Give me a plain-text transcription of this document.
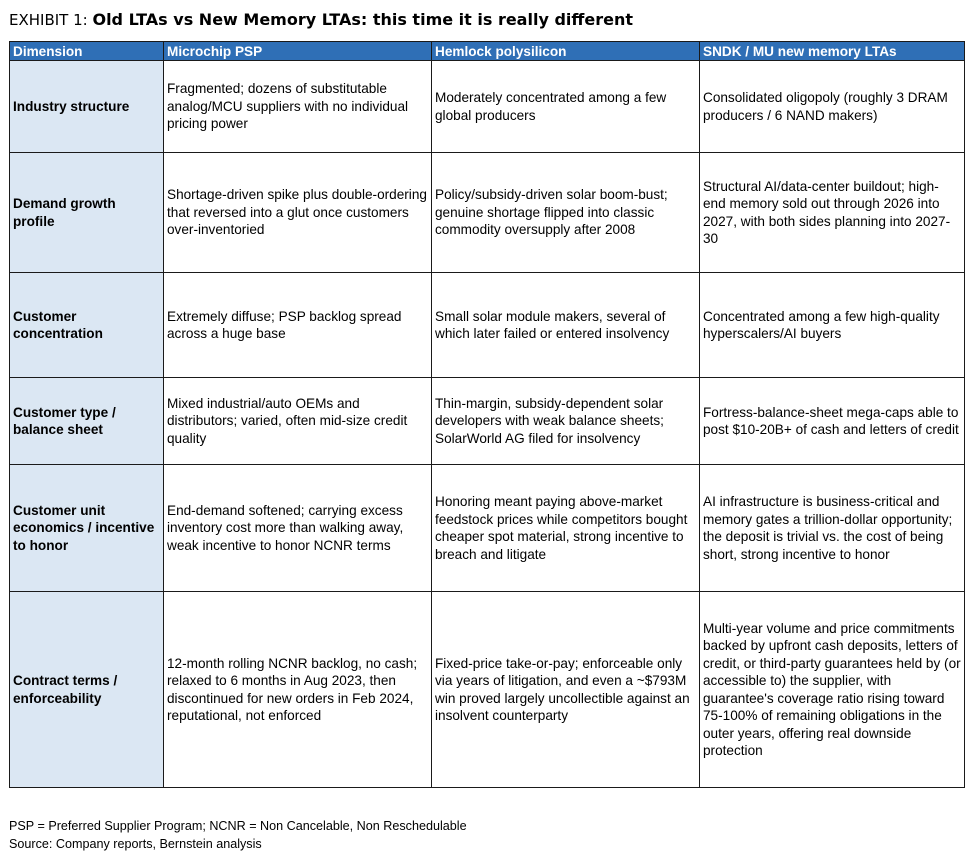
EXHIBIT 1: Old LTAs vs New Memory LTAs: this time it is really different
Dimension	Microchip PSP	Hemlock polysilicon	SNDK / MU new memory LTAs
Industry structure	Fragmented; dozens of substitutable analog/MCU suppliers with no individual pricing power	Moderately concentrated among a few global producers	Consolidated oligopoly (roughly 3 DRAM producers / 6 NAND makers)
Demand growth profile	Shortage-driven spike plus double-ordering that reversed into a glut once customers over-inventoried	Policy/subsidy-driven solar boom-bust; genuine shortage flipped into classic commodity oversupply after 2008	Structural AI/data-center buildout; high-end memory sold out through 2026 into 2027, with both sides planning into 2027-30
Customer concentration	Extremely diffuse; PSP backlog spread across a huge base	Small solar module makers, several of which later failed or entered insolvency	Concentrated among a few high-quality hyperscalers/AI buyers
Customer type / balance sheet	Mixed industrial/auto OEMs and distributors; varied, often mid-size credit quality	Thin-margin, subsidy-dependent solar developers with weak balance sheets; SolarWorld AG filed for insolvency	Fortress-balance-sheet mega-caps able to post $10-20B+ of cash and letters of credit
Customer unit economics / incentive to honor	End-demand softened; carrying excess inventory cost more than walking away, weak incentive to honor NCNR terms	Honoring meant paying above-market feedstock prices while competitors bought cheaper spot material, strong incentive to breach and litigate	AI infrastructure is business-critical and memory gates a trillion-dollar opportunity; the deposit is trivial vs. the cost of being short, strong incentive to honor
Contract terms / enforceability	12-month rolling NCNR backlog, no cash; relaxed to 6 months in Aug 2023, then discontinued for new orders in Feb 2024, reputational, not enforced	Fixed-price take-or-pay; enforceable only via years of litigation, and even a ~$793M win proved largely uncollectible against an insolvent counterparty	Multi-year volume and price commitments backed by upfront cash deposits, letters of credit, or third-party guarantees held by (or accessible to) the supplier, with guarantee's coverage ratio rising toward 75-100% of remaining obligations in the outer years, offering real downside protection
PSP = Preferred Supplier Program; NCNR = Non Cancelable, Non Reschedulable
Source: Company reports, Bernstein analysis
